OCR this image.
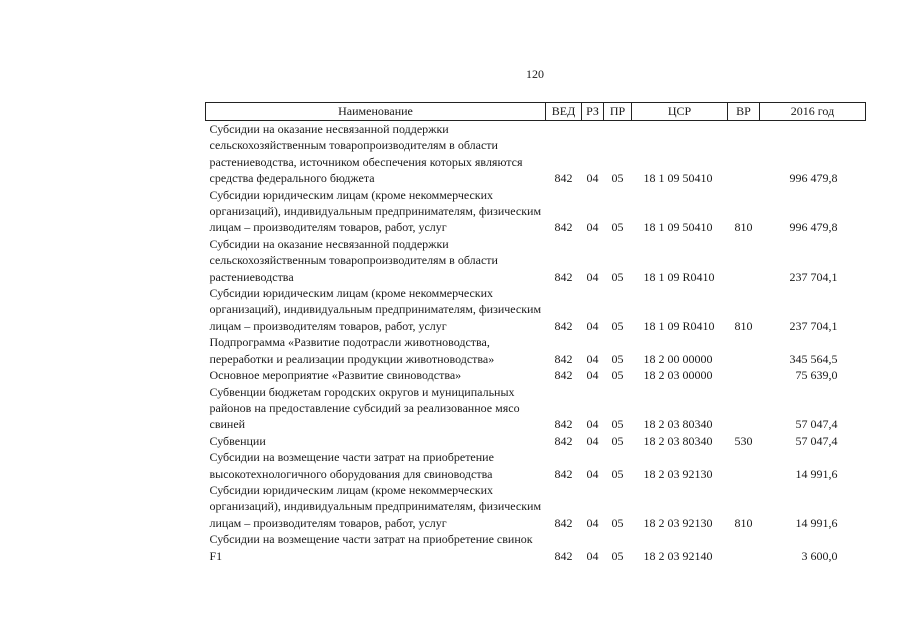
120
Наименование	ВЕД	РЗ	ПР	ЦСР	ВР	2016 год
Субсидии на оказание несвязанной поддержки сельскохозяйственным товаропроизводителям в области растениеводства, источником обеспечения которых являются средства федерального бюджета	842	04	05	18 1 09 50410		996 479,8
Субсидии юридическим лицам (кроме некоммерческих организаций), индивидуальным предпринимателям, физическим лицам – производителям товаров, работ, услуг	842	04	05	18 1 09 50410	810	996 479,8
Субсидии на оказание несвязанной поддержки сельскохозяйственным товаропроизводителям в области растениеводства	842	04	05	18 1 09 R0410		237 704,1
Субсидии юридическим лицам (кроме некоммерческих организаций), индивидуальным предпринимателям, физическим лицам – производителям товаров, работ, услуг	842	04	05	18 1 09 R0410	810	237 704,1
Подпрограмма «Развитие подотрасли животноводства, переработки и реализации продукции животноводства»	842	04	05	18 2 00 00000		345 564,5
Основное мероприятие «Развитие свиноводства»	842	04	05	18 2 03 00000		75 639,0
Субвенции бюджетам городских округов и муниципальных районов на предоставление субсидий за реализованное мясо свиней	842	04	05	18 2 03 80340		57 047,4
Субвенции	842	04	05	18 2 03 80340	530	57 047,4
Субсидии на возмещение части затрат на приобретение высокотехнологичного оборудования для свиноводства	842	04	05	18 2 03 92130		14 991,6
Субсидии юридическим лицам (кроме некоммерческих организаций), индивидуальным предпринимателям, физическим лицам – производителям товаров, работ, услуг	842	04	05	18 2 03 92130	810	14 991,6
Субсидии на возмещение части затрат на приобретение свинок F1	842	04	05	18 2 03 92140		3 600,0
